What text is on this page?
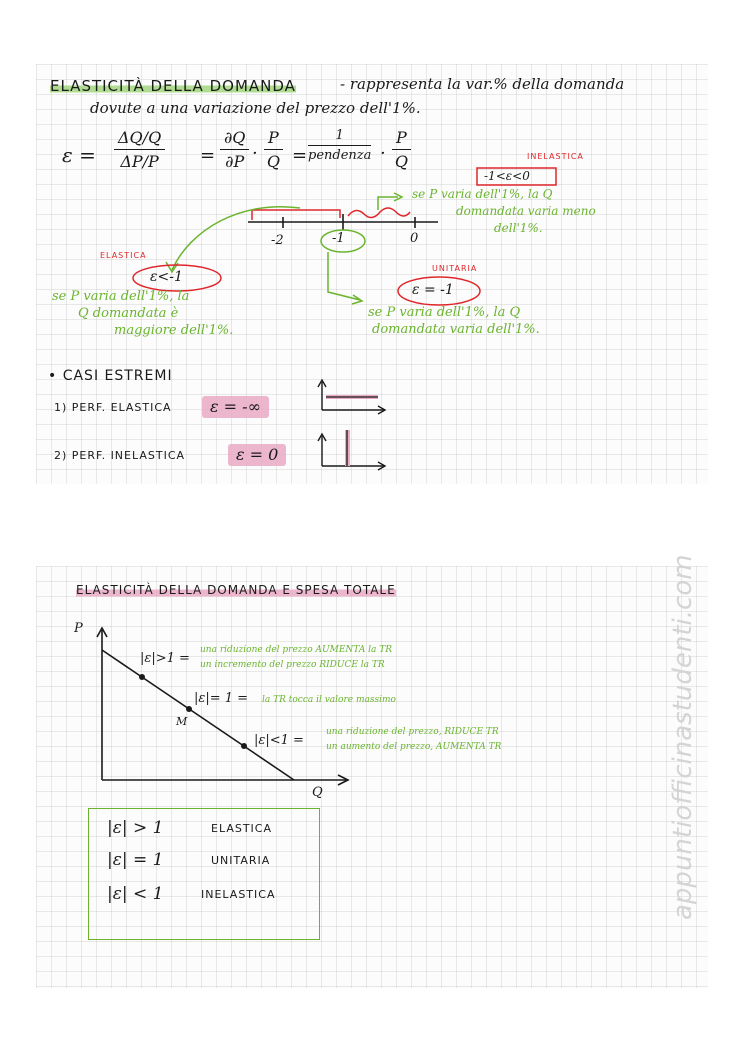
ELASTICITÀ DELLA DOMANDA	- rappresenta la var.% della domanda
dovute a una variazione del prezzo dell'1%.
$\varepsilon = \frac{\Delta Q/Q}{\Delta P/P} = \frac{\partial Q}{\partial P} \cdot \frac{P}{Q}$ =
1
pendenza · $\frac{P}{Q}$	INELASTICA
-1<ε<0
se P varia dell'1%, la Q
domandata varia meno
dell'1%.
-2	-1	0
ELASTICA
ε<-1
se P varia dell'1%, la
Q domandata è
maggiore dell'1%.
UNITARIA
ε = -1
se P varia dell'1%, la Q
domandata varia dell'1%.
• CASI ESTREMI
1) PERF. ELASTICA	ε = -∞
2) PERF. INELASTICA	ε = 0
ELASTICITÀ DELLA DOMANDA E SPESA TOTALE
P
Q
M
|ε|>1 =
una riduzione del prezzo AUMENTA la TR
un incremento del prezzo RIDUCE la TR
|ε|= 1 = la TR tocca il valore massimo
|ε|<1 =
una riduzione del prezzo, RIDUCE TR
un aumento del prezzo, AUMENTA TR
|ε| > 1	ELASTICA
|ε| = 1	UNITARIA
|ε| < 1	INELASTICA	appuntiofficinastudenti.com
